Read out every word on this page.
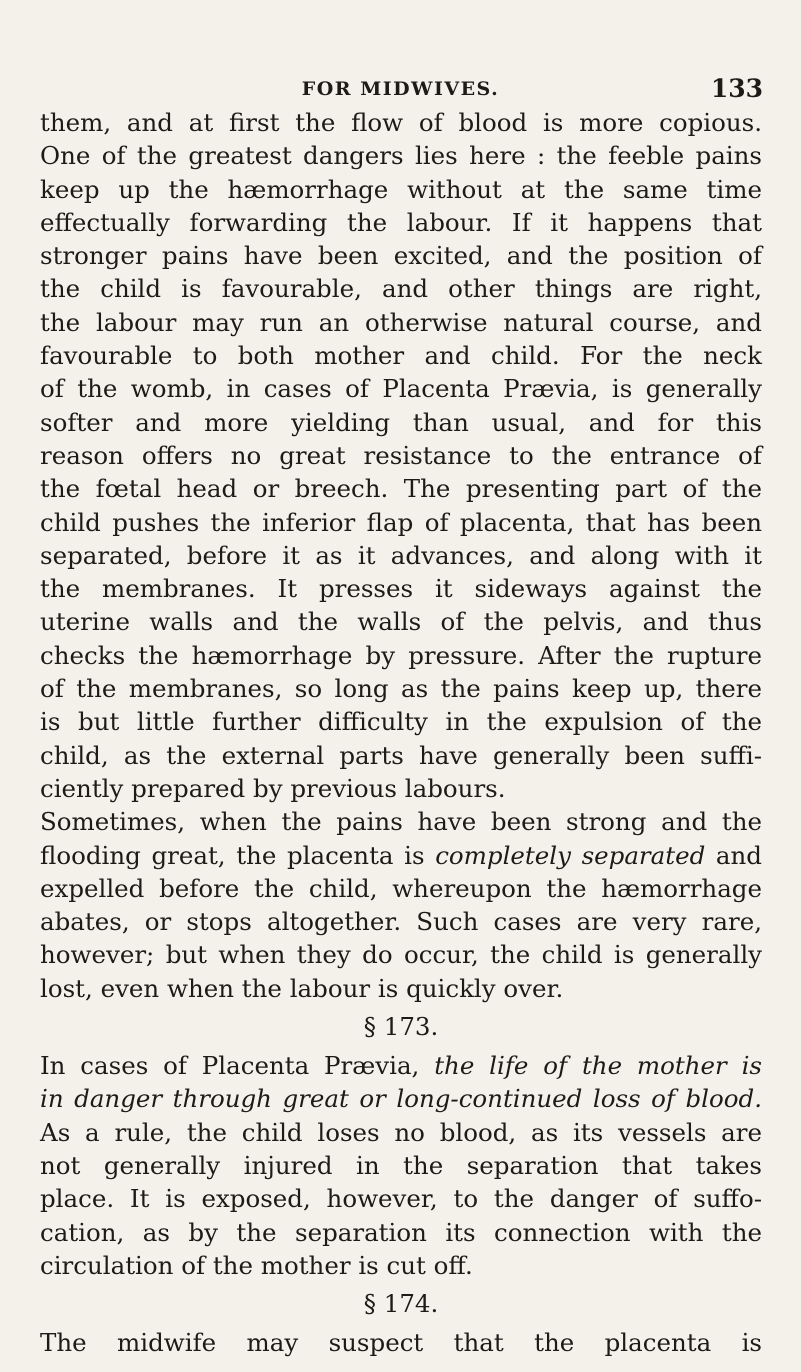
FOR MIDWIVES.	133
them, and at first the flow of blood is more copious.
One of the greatest dangers lies here : the feeble pains
keep up the hæmorrhage without at the same time
effectually forwarding the labour. If it happens that
stronger pains have been excited, and the position of
the child is favourable, and other things are right,
the labour may run an otherwise natural course, and
favourable to both mother and child. For the neck
of the womb, in cases of Placenta Prævia, is generally
softer and more yielding than usual, and for this
reason offers no great resistance to the entrance of
the fœtal head or breech. The presenting part of the
child pushes the inferior flap of placenta, that has been
separated, before it as it advances, and along with it
the membranes. It presses it sideways against the
uterine walls and the walls of the pelvis, and thus
checks the hæmorrhage by pressure. After the rupture
of the membranes, so long as the pains keep up, there
is but little further difficulty in the expulsion of the
child, as the external parts have generally been suffi-
ciently prepared by previous labours.
Sometimes, when the pains have been strong and the
flooding great, the placenta is completely separated and
expelled before the child, whereupon the hæmorrhage
abates, or stops altogether. Such cases are very rare,
however; but when they do occur, the child is generally
lost, even when the labour is quickly over.
§ 173.
In cases of Placenta Prævia, the life of the mother is
in danger through great or long-continued loss of blood.
As a rule, the child loses no blood, as its vessels are
not generally injured in the separation that takes
place. It is exposed, however, to the danger of suffo-
cation, as by the separation its connection with the
circulation of the mother is cut off.
§ 174.
The midwife may suspect that the placenta is
